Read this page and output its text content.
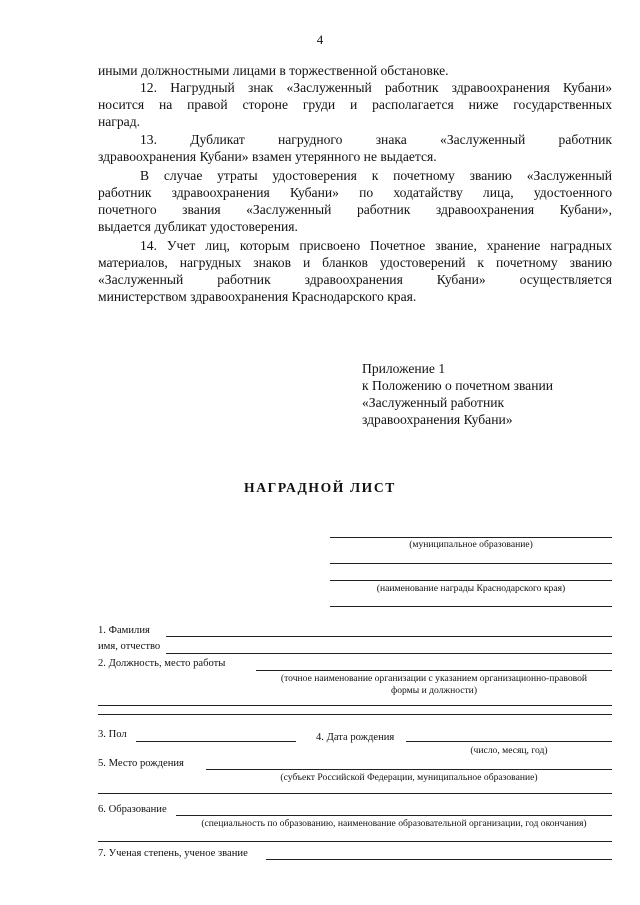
4
иными должностными лицами в торжественной обстановке.
12. Нагрудный знак «Заслуженный работник здравоохранения Кубани»
носится на правой стороне груди и располагается ниже государственных
наград.
13. Дубликат нагрудного знака «Заслуженный работник
здравоохранения Кубани» взамен утерянного не выдается.
В случае утраты удостоверения к почетному званию «Заслуженный
работник здравоохранения Кубани» по ходатайству лица, удостоенного
почетного звания «Заслуженный работник здравоохранения Кубани»,
выдается дубликат удостоверения.
14. Учет лиц, которым присвоено Почетное звание, хранение наградных
материалов, нагрудных знаков и бланков удостоверений к почетному званию
«Заслуженный работник здравоохранения Кубани» осуществляется
министерством здравоохранения Краснодарского края.
Приложение 1
к Положению о почетном звании
«Заслуженный работник
здравоохранения Кубани»
НАГРАДНОЙ ЛИСТ
(муниципальное образование)
(наименование награды Краснодарского края)
1. Фамилия
имя, отчество
2. Должность, место работы
(точное наименование организации с указанием организационно-правовой
формы и должности)
3. Пол	4. Дата рождения
(число, месяц, год)
5. Место рождения
(субъект Российской Федерации, муниципальное образование)
6. Образование
(специальность по образованию, наименование образовательной организации, год окончания)
7. Ученая степень, ученое звание
